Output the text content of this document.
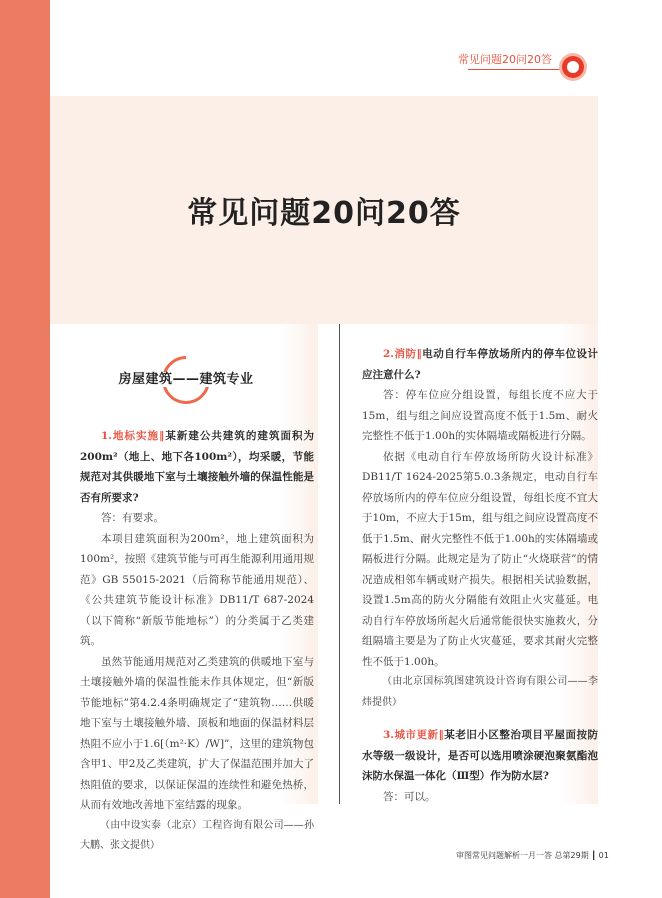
常见问题20问20答
常见问题20问20答
房屋建筑——建筑专业

1.地标实施‖某新建公共建筑的建筑面积为200m²（地上、地下各100m²），均采暖，节能规范对其供暖地下室与土壤接触外墙的保温性能是否有所要求?

答：有要求。

本项目建筑面积为200m²，地上建筑面积为100m²，按照《建筑节能与可再生能源利用通用规范》GB 55015-2021（后简称节能通用规范）、《公共建筑节能设计标准》DB11/T 687-2024（以下简称“新版节能地标”）的分类属于乙类建筑。

虽然节能通用规范对乙类建筑的供暖地下室与土壤接触外墙的保温性能未作具体规定，但“新版节能地标”第4.2.4条明确规定了“建筑物……供暖地下室与土壤接触外墙、顶板和地面的保温材料层热阻不应小于1.6[（m²·K）/W]”，这里的建筑物包含甲1、甲2及乙类建筑，扩大了保温范围并加大了热阻值的要求，以保证保温的连续性和避免热桥，从而有效地改善地下室结露的现象。

（由中设实泰（北京）工程咨询有限公司——孙大鹏、张文提供）

2.消防‖电动自行车停放场所内的停车位设计应注意什么?

答：停车位应分组设置，每组长度不应大于15m，组与组之间应设置高度不低于1.5m、耐火完整性不低于1.00h的实体隔墙或隔板进行分隔。

依据《电动自行车停放场所防火设计标准》DB11/T 1624-2025第5.0.3条规定，电动自行车停放场所内的停车位应分组设置，每组长度不宜大于10m，不应大于15m，组与组之间应设置高度不低于1.5m、耐火完整性不低于1.00h的实体隔墙或隔板进行分隔。此规定是为了防止“火烧联营”的情况造成相邻车辆或财产损失。根据相关试验数据，设置1.5m高的防火分隔能有效阻止火灾蔓延。电动自行车停放场所起火后通常能很快实施救火，分组隔墙主要是为了防止火灾蔓延，要求其耐火完整性不低于1.00h。

（由北京国标筑图建筑设计咨询有限公司——李炜提供）

3.城市更新‖某老旧小区整治项目平屋面按防水等级一级设计，是否可以选用喷涂硬泡聚氨酯泡沫防水保温一体化（Ⅲ型）作为防水层?

答：可以。

审图常见问题解析一月一答 总第29期 ┃ 01
